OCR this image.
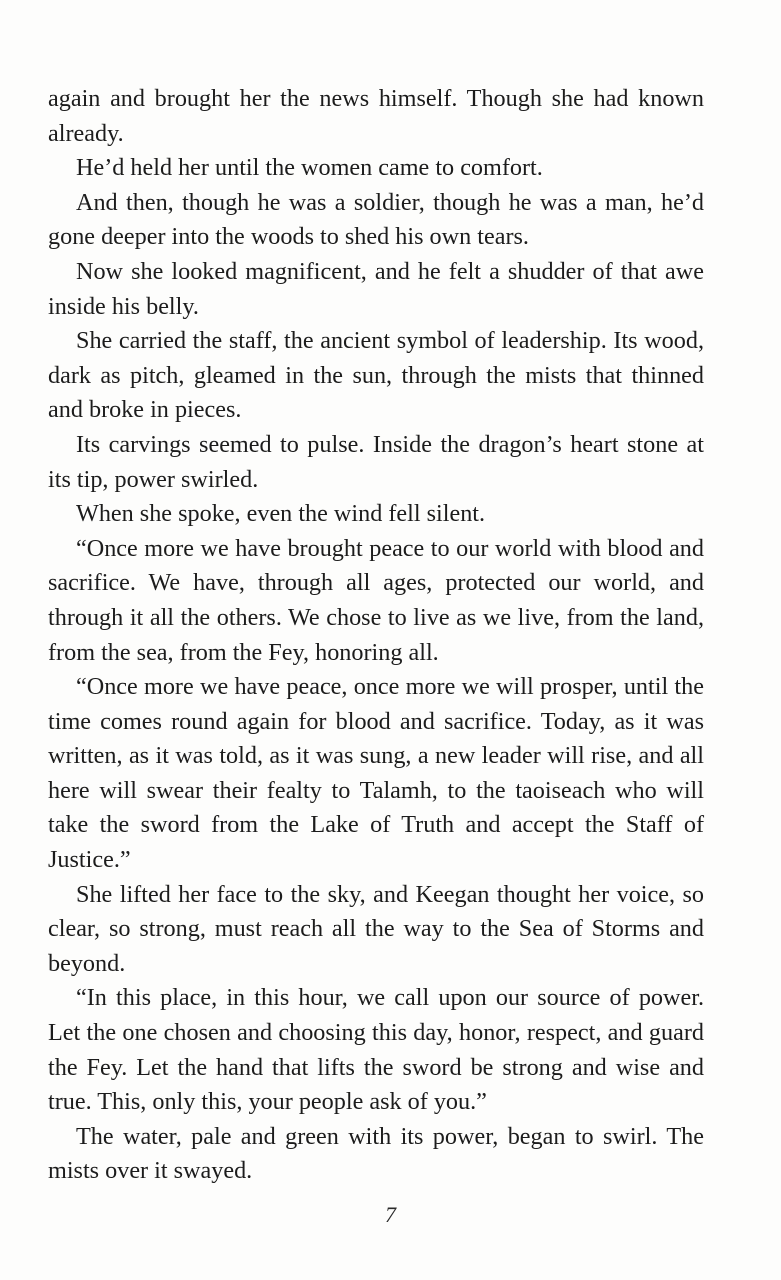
again and brought her the news himself. Though she had known already.

He’d held her until the women came to comfort.

And then, though he was a soldier, though he was a man, he’d gone deeper into the woods to shed his own tears.

Now she looked magnificent, and he felt a shudder of that awe inside his belly.

She carried the staff, the ancient symbol of leadership. Its wood, dark as pitch, gleamed in the sun, through the mists that thinned and broke in pieces.

Its carvings seemed to pulse. Inside the dragon’s heart stone at its tip, power swirled.

When she spoke, even the wind fell silent.

“Once more we have brought peace to our world with blood and sacrifice. We have, through all ages, protected our world, and through it all the others. We chose to live as we live, from the land, from the sea, from the Fey, honoring all.

“Once more we have peace, once more we will prosper, until the time comes round again for blood and sacrifice. Today, as it was written, as it was told, as it was sung, a new leader will rise, and all here will swear their fealty to Talamh, to the taoiseach who will take the sword from the Lake of Truth and accept the Staff of Justice.”

She lifted her face to the sky, and Keegan thought her voice, so clear, so strong, must reach all the way to the Sea of Storms and beyond.

“In this place, in this hour, we call upon our source of power. Let the one chosen and choosing this day, honor, respect, and guard the Fey. Let the hand that lifts the sword be strong and wise and true. This, only this, your people ask of you.”

The water, pale and green with its power, began to swirl. The mists over it swayed.

7
